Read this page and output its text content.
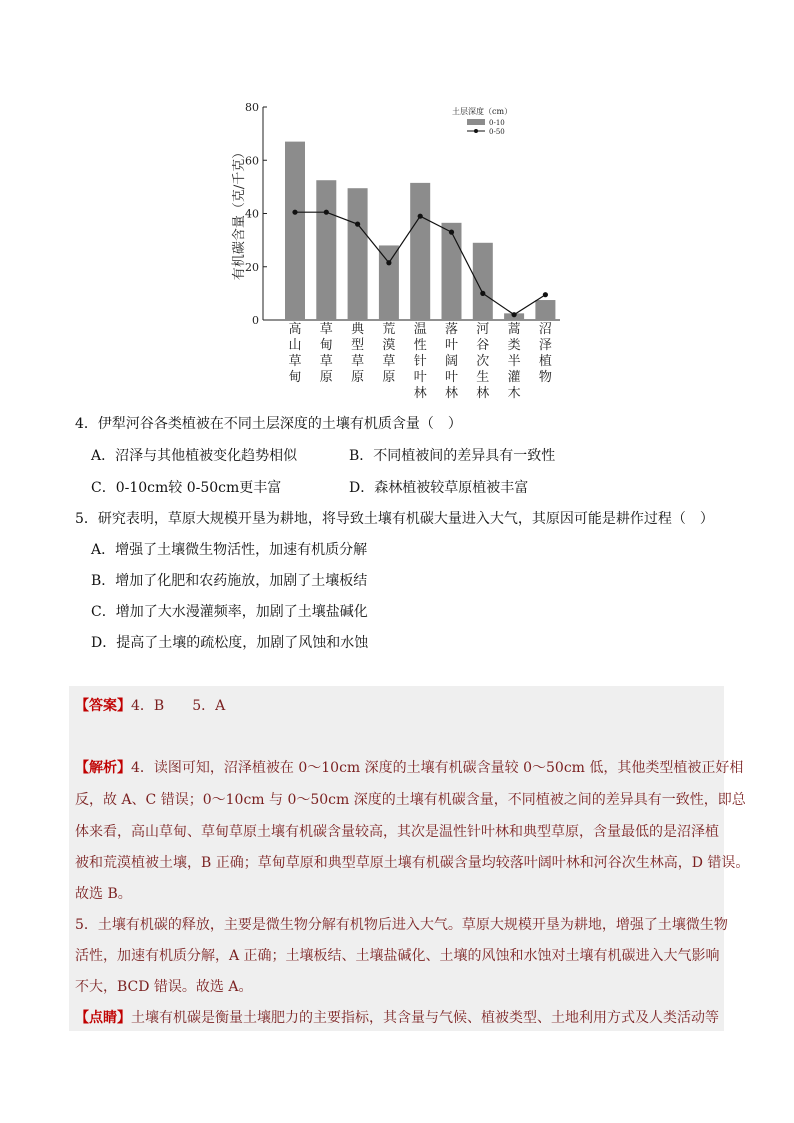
0
20
40
60
80
有机碳含量（克/千克）
高
山
草
甸
草
甸
草
原
典
型
草
原
荒
漠
草
原
温
性
针
叶
林
落
叶
阔
叶
林
河
谷
次
生
林
蒿
类
半
灌
木
沼
泽
植
物
土层深度（cm）
0-10
0-50
4．伊犁河谷各类植被在不同土层深度的土壤有机质含量（　）
A．沼泽与其他植被变化趋势相似	B．不同植被间的差异具有一致性
C．0-10cm较 0-50cm更丰富	D．森林植被较草原植被丰富
5．研究表明，草原大规模开垦为耕地，将导致土壤有机碳大量进入大气，其原因可能是耕作过程（　）
A．增强了土壤微生物活性，加速有机质分解
B．增加了化肥和农药施放，加剧了土壤板结
C．增加了大水漫灌频率，加剧了土壤盐碱化
D．提高了土壤的疏松度，加剧了风蚀和水蚀
【答案】4．B　　5．A
【解析】4．读图可知，沼泽植被在 0～10cm 深度的土壤有机碳含量较 0～50cm 低，其他类型植被正好相
反，故 A、C 错误；0～10cm 与 0～50cm 深度的土壤有机碳含量，不同植被之间的差异具有一致性，即总
体来看，高山草甸、草甸草原土壤有机碳含量较高，其次是温性针叶林和典型草原，含量最低的是沼泽植
被和荒漠植被土壤，B 正确；草甸草原和典型草原土壤有机碳含量均较落叶阔叶林和河谷次生林高，D 错误。
故选 B。
5．土壤有机碳的释放，主要是微生物分解有机物后进入大气。草原大规模开垦为耕地，增强了土壤微生物
活性，加速有机质分解，A 正确；土壤板结、土壤盐碱化、土壤的风蚀和水蚀对土壤有机碳进入大气影响
不大，BCD 错误。故选 A。
【点睛】土壤有机碳是衡量土壤肥力的主要指标，其含量与气候、植被类型、土地利用方式及人类活动等
